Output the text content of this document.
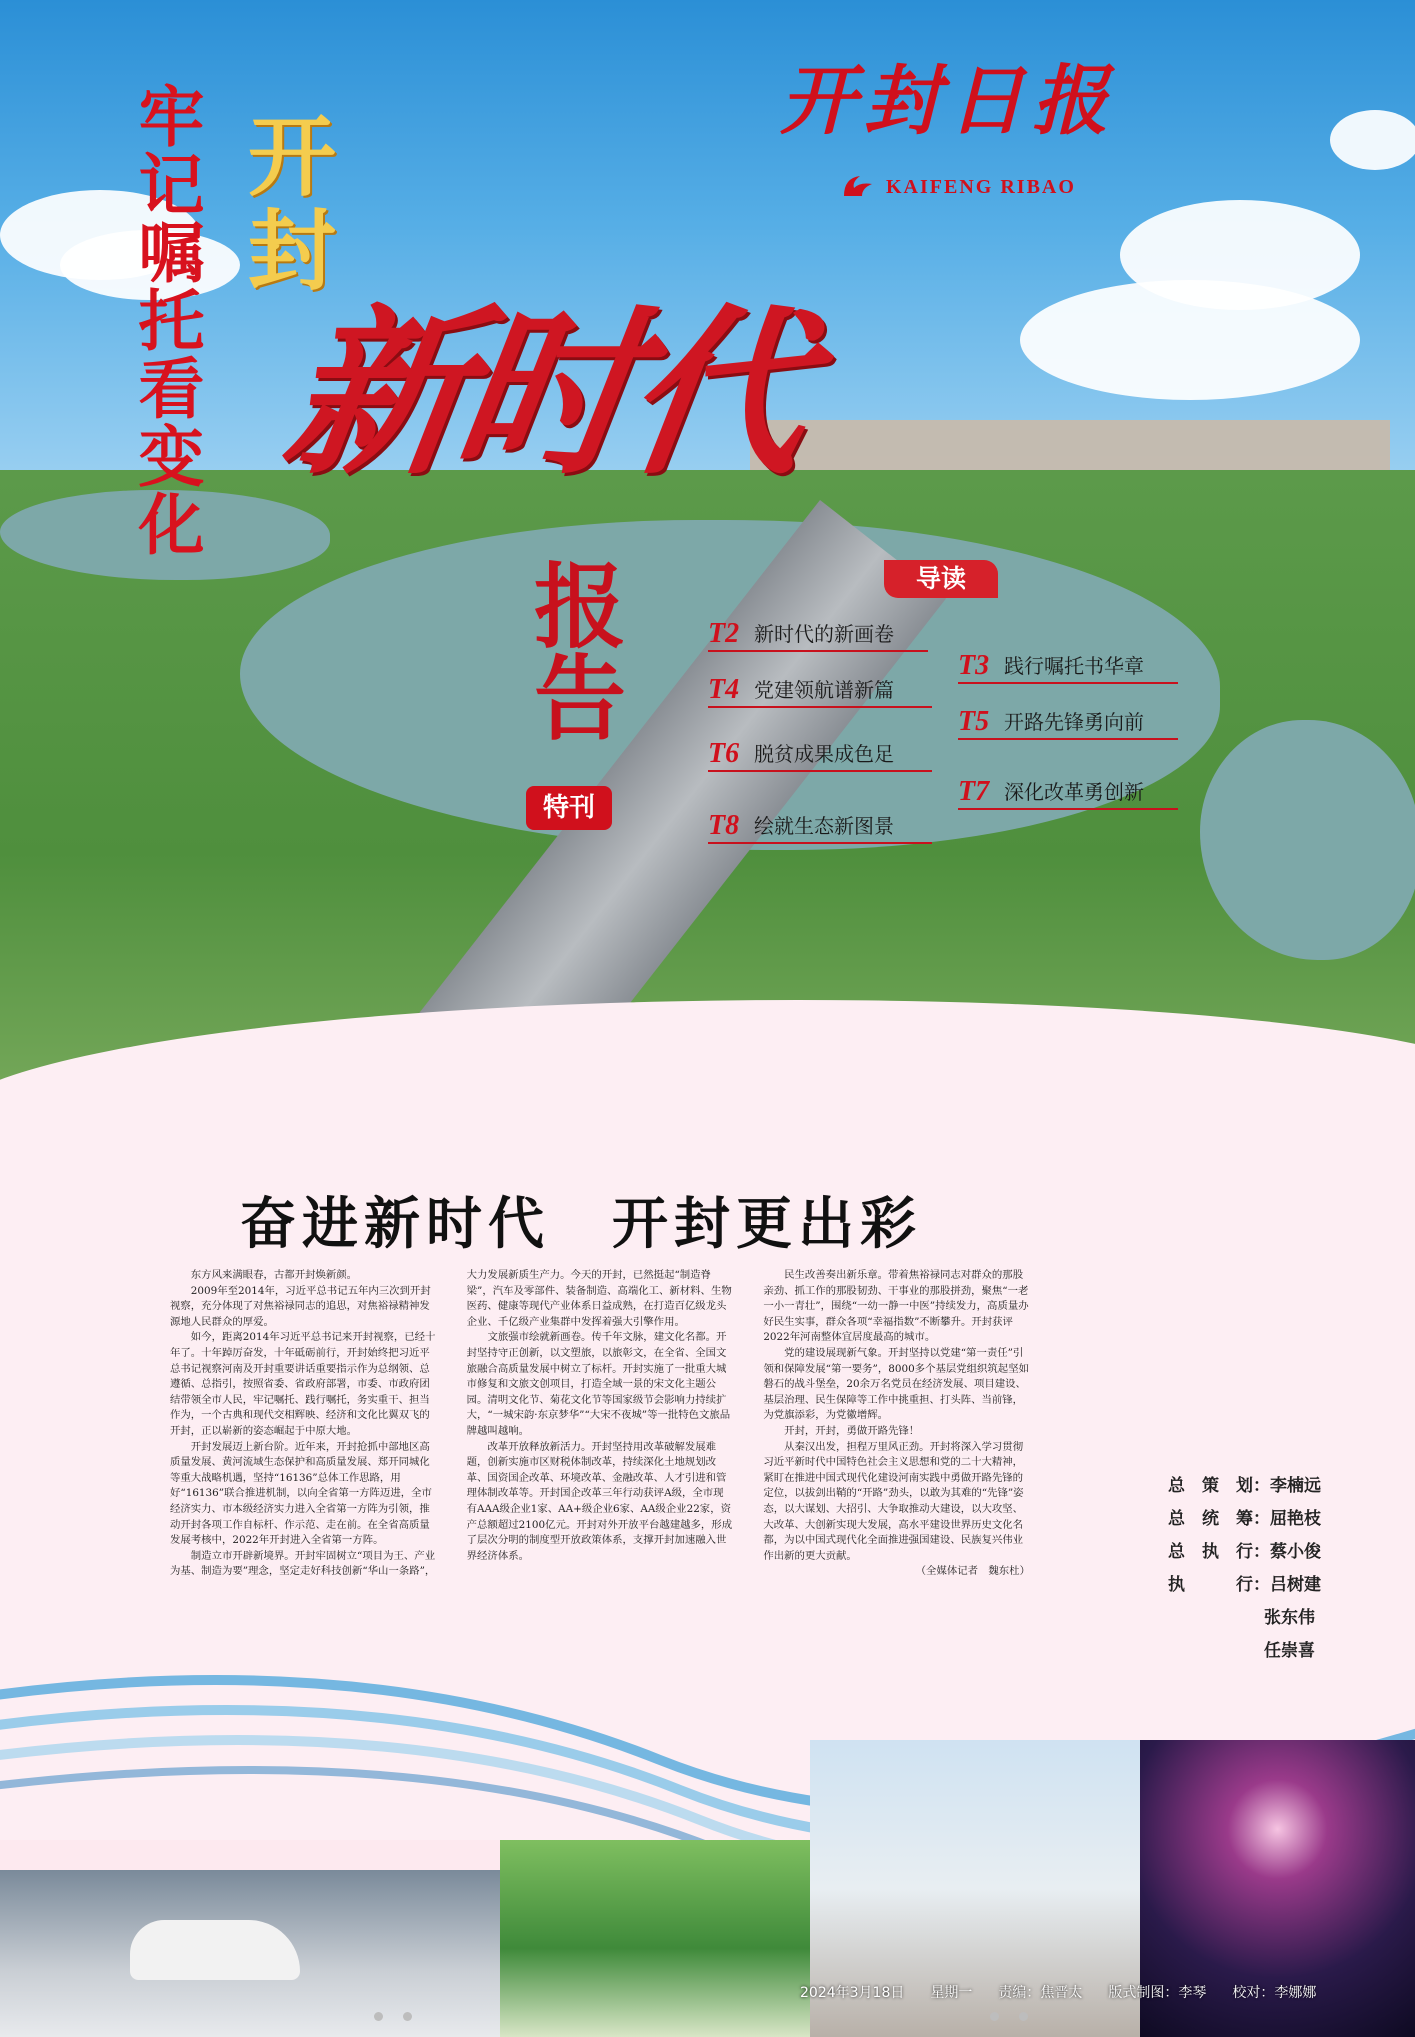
开封日报
KAIFENG RIBAO
牢记嘱托看变化 开封
新时代
报告
特刊
导读
T2 新时代的新画卷
T3 践行嘱托书华章
T4 党建领航谱新篇
T5 开路先锋勇向前
T6 脱贫成果成色足
T7 深化改革勇创新
T8 绘就生态新图景
奋进新时代　开封更出彩

东方风来满眼春，古都开封焕新颜。

2009年至2014年，习近平总书记五年内三次到开封视察，充分体现了对焦裕禄同志的追思，对焦裕禄精神发源地人民群众的厚爱。

如今，距离2014年习近平总书记来开封视察，已经十年了。十年踔厉奋发，十年砥砺前行，开封始终把习近平总书记视察河南及开封重要讲话重要指示作为总纲领、总遵循、总指引，按照省委、省政府部署，市委、市政府团结带领全市人民，牢记嘱托、践行嘱托，务实重干、担当作为，一个古典和现代交相辉映、经济和文化比翼双飞的开封，正以崭新的姿态崛起于中原大地。

开封发展迈上新台阶。近年来，开封抢抓中部地区高质量发展、黄河流域生态保护和高质量发展、郑开同城化等重大战略机遇，坚持“16136”总体工作思路，用好“16136”联合推进机制，以向全省第一方阵迈进，全市经济实力、市本级经济实力进入全省第一方阵为引领，推动开封各项工作自标杆、作示范、走在前。在全省高质量发展考核中，2022年开封进入全省第一方阵。

制造立市开辟新境界。开封牢固树立“项目为王、产业为基、制造为要”理念，坚定走好科技创新“华山一条路”，大力发展新质生产力。今天的开封，已然挺起“制造脊梁”，汽车及零部件、装备制造、高端化工、新材料、生物医药、健康等现代产业体系日益成熟，在打造百亿级龙头企业、千亿级产业集群中发挥着强大引擎作用。

文旅强市绘就新画卷。传千年文脉，建文化名都。开封坚持守正创新，以文塑旅，以旅彰文，在全省、全国文旅融合高质量发展中树立了标杆。开封实施了一批重大城市修复和文旅文创项目，打造全域一景的宋文化主题公园。清明文化节、菊花文化节等国家级节会影响力持续扩大，“一城宋韵·东京梦华”“大宋不夜城”等一批特色文旅品牌越叫越响。

改革开放释放新活力。开封坚持用改革破解发展难题，创新实施市区财税体制改革，持续深化土地规划改革、国资国企改革、环境改革、金融改革、人才引进和管理体制改革等。开封国企改革三年行动获评A级，全市现有AAA级企业1家、AA+级企业6家、AA级企业22家，资产总额超过2100亿元。开封对外开放平台越建越多，形成了层次分明的制度型开放政策体系，支撑开封加速融入世界经济体系。

民生改善奏出新乐章。带着焦裕禄同志对群众的那股亲劲、抓工作的那股韧劲、干事业的那股拼劲，聚焦“一老一小一青壮”，围绕“一幼一静一中医”持续发力，高质量办好民生实事，群众各项“幸福指数”不断攀升。开封获评2022年河南整体宜居度最高的城市。

党的建设展现新气象。开封坚持以党建“第一责任”引领和保障发展“第一要务”，8000多个基层党组织筑起坚如磐石的战斗堡垒，20余万名党员在经济发展、项目建设、基层治理、民生保障等工作中挑重担、打头阵、当前锋，为党旗添彩，为党徽增辉。

开封，开封，勇做开路先锋！

从秦汉出发，担程万里风正劲。开封将深入学习贯彻习近平新时代中国特色社会主义思想和党的二十大精神，紧盯在推进中国式现代化建设河南实践中勇做开路先锋的定位，以拔剑出鞘的“开路”劲头，以敢为其难的“先锋”姿态，以大谋划、大招引、大争取推动大建设，以大攻坚、大改革、大创新实现大发展，高水平建设世界历史文化名都，为以中国式现代化全面推进强国建设、民族复兴伟业作出新的更大贡献。

（全媒体记者　魏东杜）

总　策　划：李楠远
总　统　筹：屈艳枝
总　执　行：蔡小俊
执　　　行：吕树建
张东伟
任崇喜
2024年3月18日 星期一 责编：焦晋太 版式制图：李琴 校对：李娜娜
